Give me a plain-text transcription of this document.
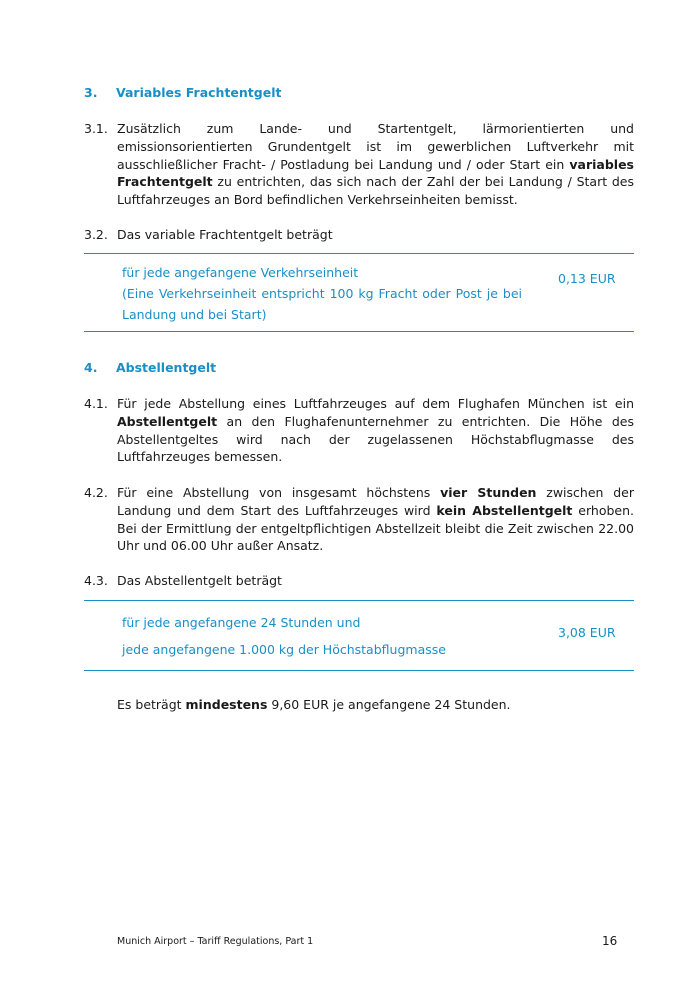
3. Variables Frachtentgelt
3.1. Zusätzlich zum Lande- und Startentgelt, lärmorientierten und emissionsorientierten Grundentgelt ist im gewerblichen Luftverkehr mit ausschließlicher Fracht- / Postladung bei Landung und / oder Start ein variables Frachtentgelt zu entrichten, das sich nach der Zahl der bei Landung / Start des Luftfahrzeuges an Bord befindlichen Verkehrseinheiten bemisst.
3.2. Das variable Frachtentgelt beträgt
für jede angefangene Verkehrseinheit
(Eine Verkehrseinheit entspricht 100 kg Fracht oder Post je bei Landung und bei Start)
0,13 EUR
4. Abstellentgelt
4.1. Für jede Abstellung eines Luftfahrzeuges auf dem Flughafen München ist ein Abstellentgelt an den Flughafenunternehmer zu entrichten. Die Höhe des Abstellentgeltes wird nach der zugelassenen Höchstabflugmasse des Luftfahrzeuges bemessen.
4.2. Für eine Abstellung von insgesamt höchstens vier Stunden zwischen der Landung und dem Start des Luftfahrzeuges wird kein Abstellentgelt erhoben. Bei der Ermittlung der entgeltpflichtigen Abstellzeit bleibt die Zeit zwischen 22.00 Uhr und 06.00 Uhr außer Ansatz.
4.3. Das Abstellentgelt beträgt
für jede angefangene 24 Stunden und
jede angefangene 1.000 kg der Höchstabflugmasse
3,08 EUR
Es beträgt mindestens 9,60 EUR je angefangene 24 Stunden.
Munich Airport – Tariff Regulations, Part 1	16
